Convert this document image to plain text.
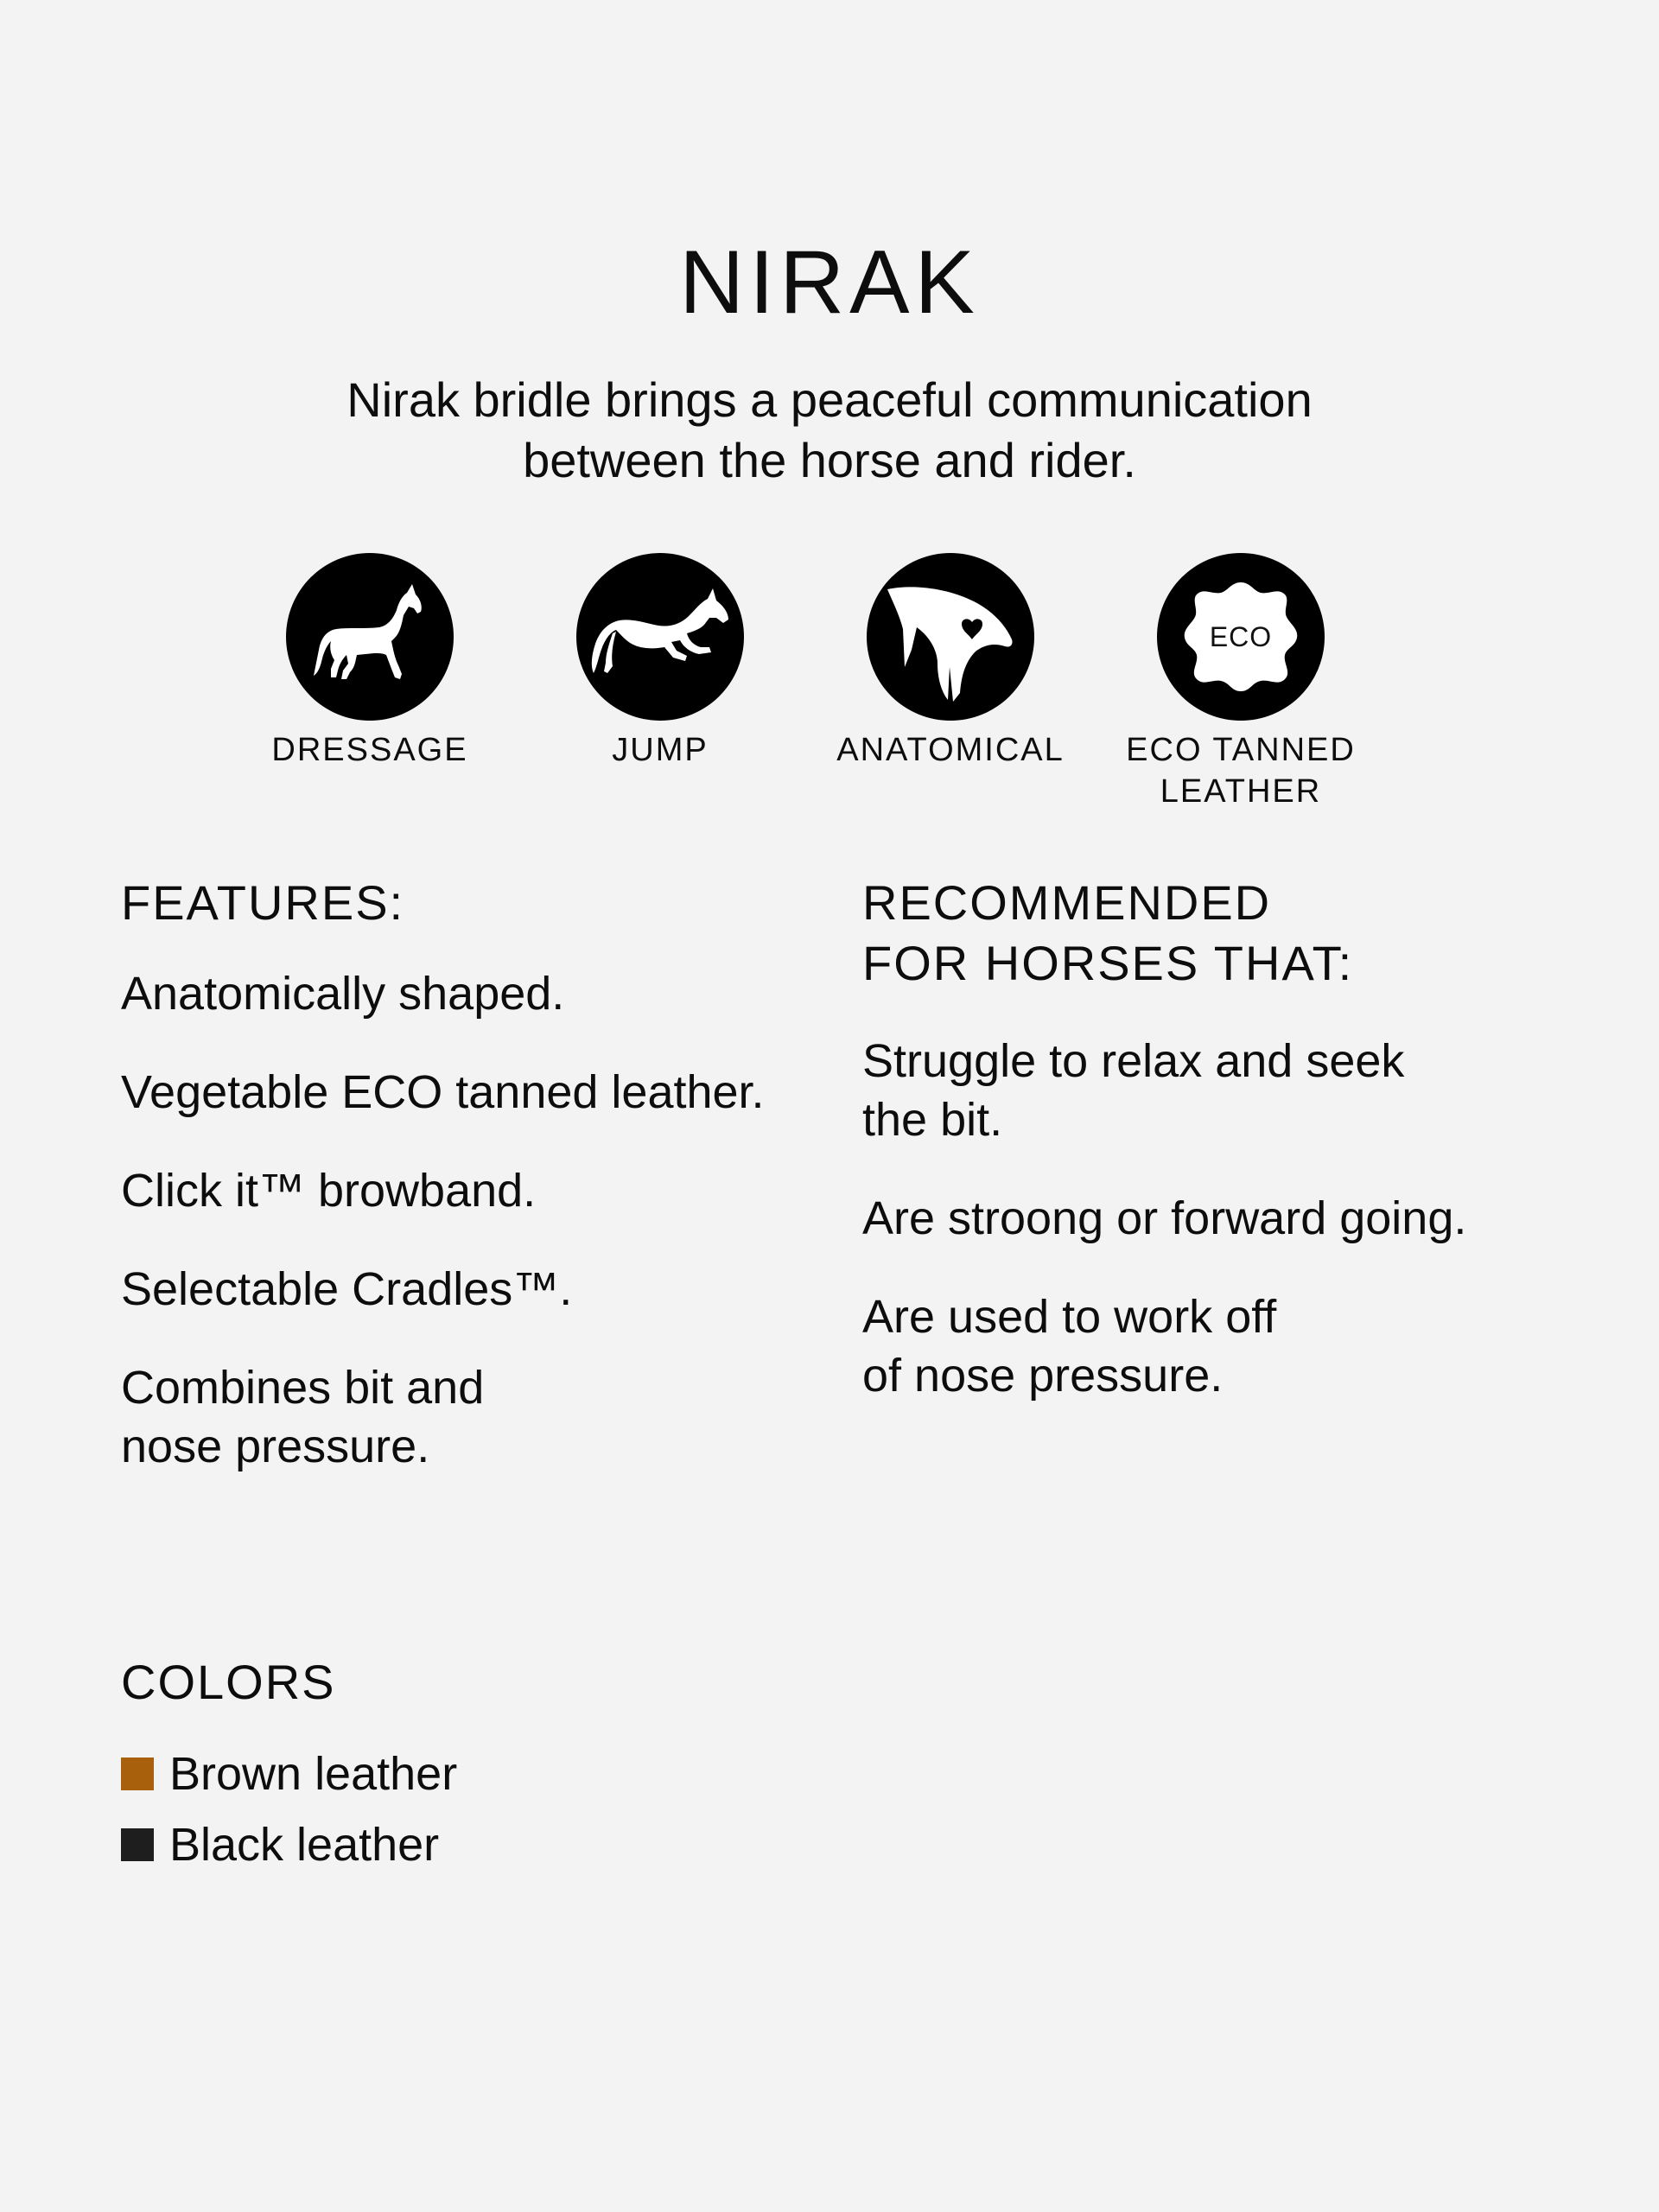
NIRAK

Nirak bridle brings a peaceful communication
between the horse and rider.

DRESSAGE	JUMP	ANATOMICAL
ECO
ECO TANNED
LEATHER
FEATURES:
Anatomically shaped.
Vegetable ECO tanned leather.
Click it™ browband.
Selectable Cradles™.
Combines bit and
nose pressure.
RECOMMENDED
FOR HORSES THAT:
Struggle to relax and seek
the bit.
Are stroong or forward going.
Are used to work off
of nose pressure.
COLORS
Brown leather
Black leather
